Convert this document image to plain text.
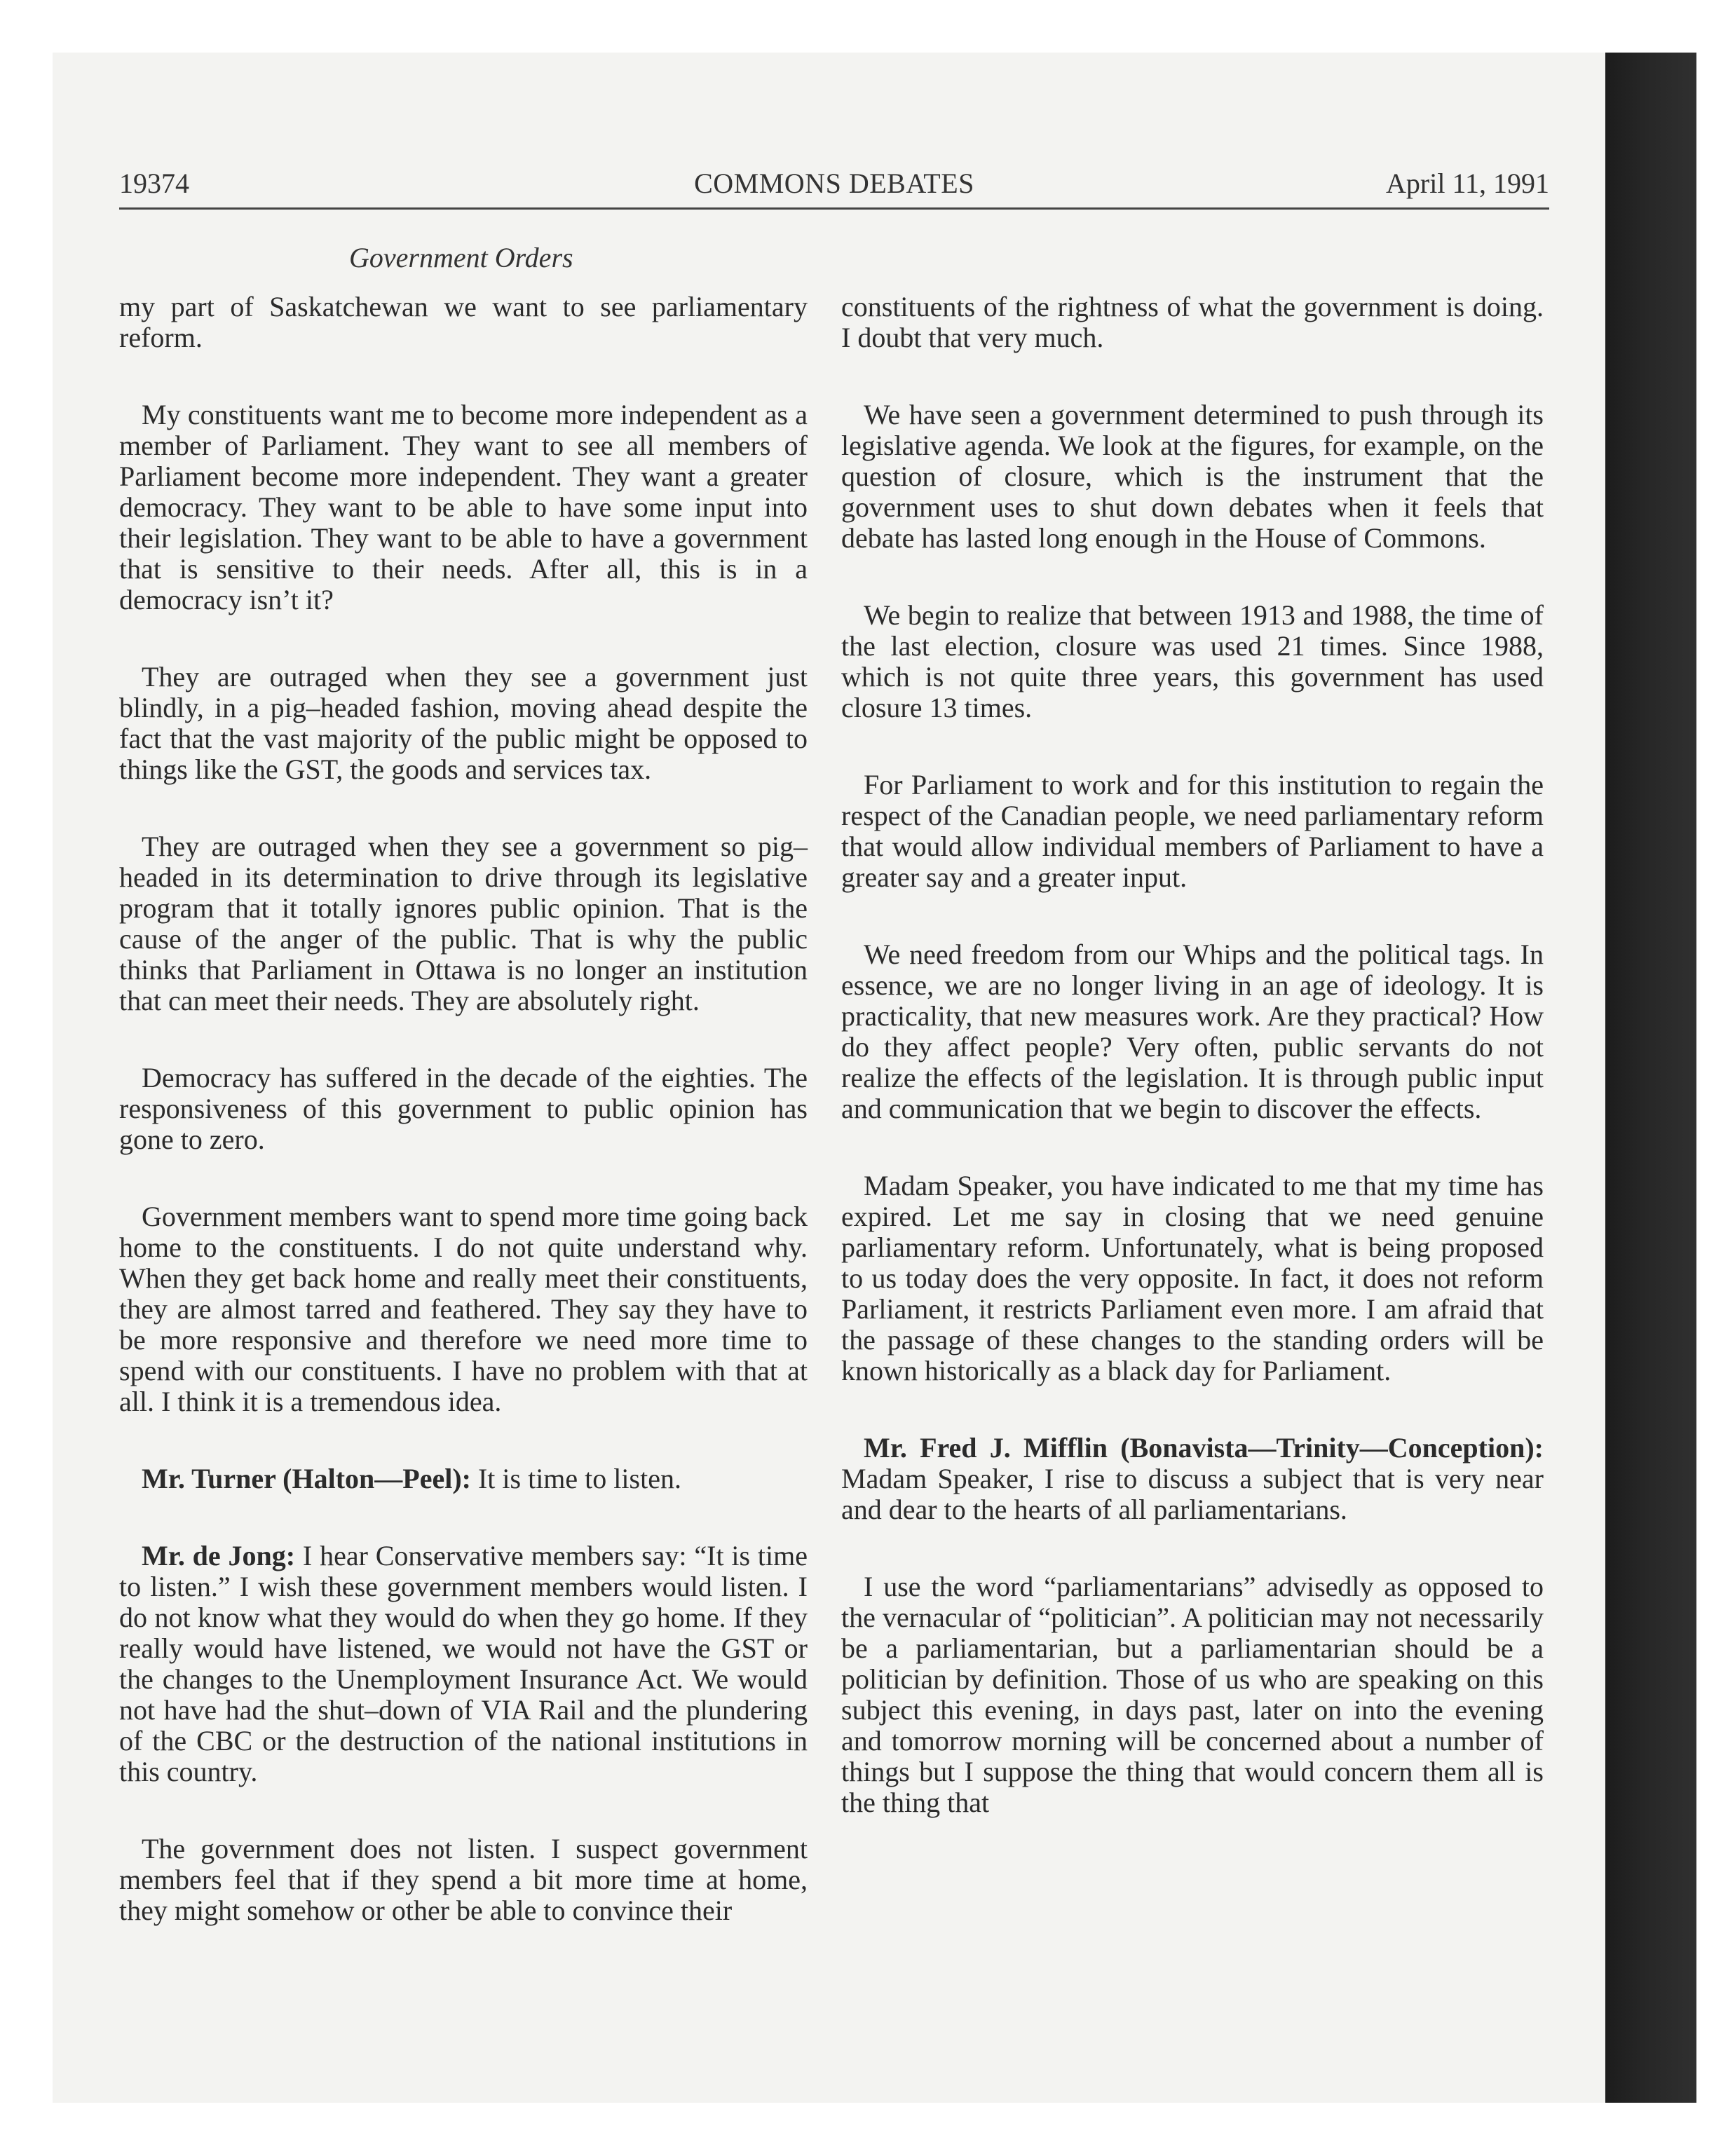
19374	COMMONS DEBATES	April 11, 1991
Government Orders

my part of Saskatchewan we want to see parliamentary reform.

My constituents want me to become more independent as a member of Parliament. They want to see all members of Parliament become more independent. They want a greater democracy. They want to be able to have some input into their legislation. They want to be able to have a government that is sensitive to their needs. After all, this is in a democracy isn’t it?

They are outraged when they see a government just blindly, in a pig–headed fashion, moving ahead despite the fact that the vast majority of the public might be opposed to things like the GST, the goods and services tax.

They are outraged when they see a government so pig–headed in its determination to drive through its legislative program that it totally ignores public opinion. That is the cause of the anger of the public. That is why the public thinks that Parliament in Ottawa is no longer an institution that can meet their needs. They are absolutely right.

Democracy has suffered in the decade of the eighties. The responsiveness of this government to public opinion has gone to zero.

Government members want to spend more time going back home to the constituents. I do not quite understand why. When they get back home and really meet their constituents, they are almost tarred and feathered. They say they have to be more responsive and therefore we need more time to spend with our constituents. I have no problem with that at all. I think it is a tremendous idea.

Mr. Turner (Halton—Peel): It is time to listen.

Mr. de Jong: I hear Conservative members say: “It is time to listen.” I wish these government members would listen. I do not know what they would do when they go home. If they really would have listened, we would not have the GST or the changes to the Unemployment Insurance Act. We would not have had the shut–down of VIA Rail and the plundering of the CBC or the destruction of the national institutions in this country.

The government does not listen. I suspect government members feel that if they spend a bit more time at home, they might somehow or other be able to convince their

constituents of the rightness of what the government is doing. I doubt that very much.

We have seen a government determined to push through its legislative agenda. We look at the figures, for example, on the question of closure, which is the instrument that the government uses to shut down debates when it feels that debate has lasted long enough in the House of Commons.

We begin to realize that between 1913 and 1988, the time of the last election, closure was used 21 times. Since 1988, which is not quite three years, this government has used closure 13 times.

For Parliament to work and for this institution to regain the respect of the Canadian people, we need parliamentary reform that would allow individual members of Parliament to have a greater say and a greater input.

We need freedom from our Whips and the political tags. In essence, we are no longer living in an age of ideology. It is practicality, that new measures work. Are they practical? How do they affect people? Very often, public servants do not realize the effects of the legislation. It is through public input and communication that we begin to discover the effects.

Madam Speaker, you have indicated to me that my time has expired. Let me say in closing that we need genuine parliamentary reform. Unfortunately, what is being proposed to us today does the very opposite. In fact, it does not reform Parliament, it restricts Parliament even more. I am afraid that the passage of these changes to the standing orders will be known historically as a black day for Parliament.

Mr. Fred J. Mifflin (Bonavista—Trinity—Conception): Madam Speaker, I rise to discuss a subject that is very near and dear to the hearts of all parliamentarians.

I use the word “parliamentarians” advisedly as opposed to the vernacular of “politician”. A politician may not necessarily be a parliamentarian, but a parliamentarian should be a politician by definition. Those of us who are speaking on this subject this evening, in days past, later on into the evening and tomorrow morning will be concerned about a number of things but I suppose the thing that would concern them all is the thing that
